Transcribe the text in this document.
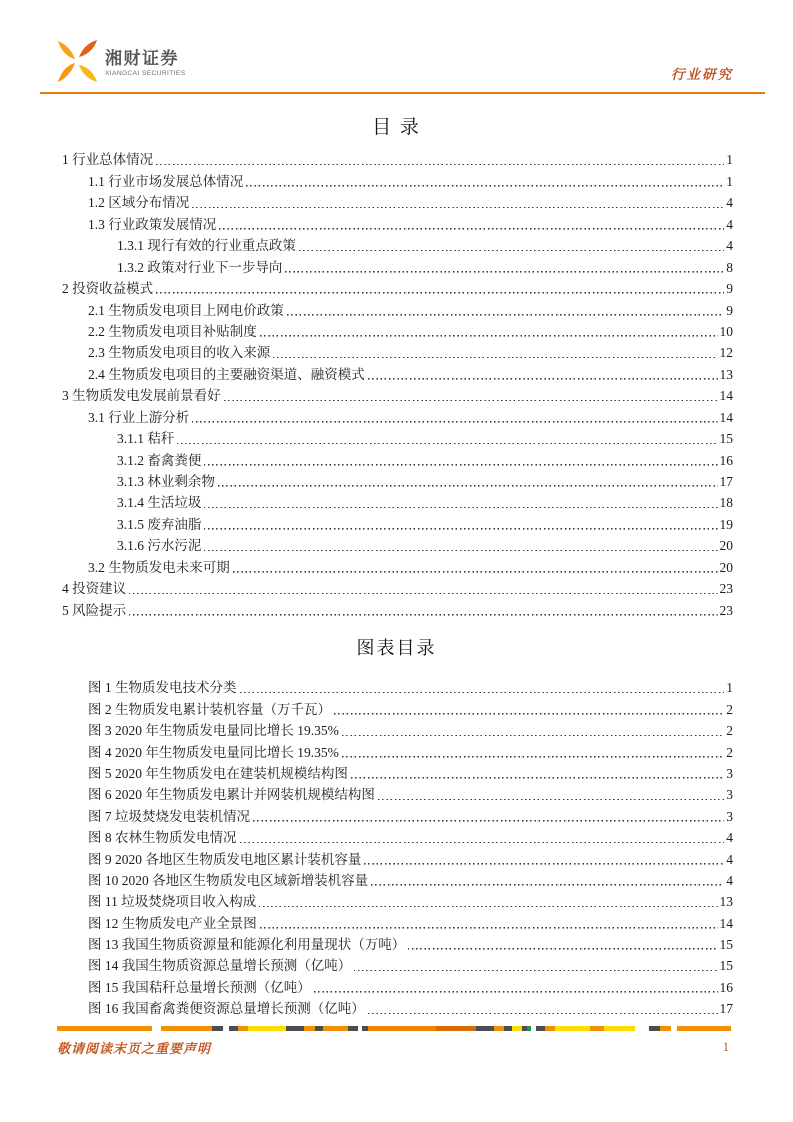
湘财证券
XIANGCAI SECURITIES	行业研究
目 录
1 行业总体情况	1
1.1 行业市场发展总体情况	1
1.2 区域分布情况	4
1.3 行业政策发展情况	4
1.3.1 现行有效的行业重点政策	4
1.3.2 政策对行业下一步导向	8
2 投资收益模式	9
2.1 生物质发电项目上网电价政策	9
2.2 生物质发电项目补贴制度	10
2.3 生物质发电项目的收入来源	12
2.4 生物质发电项目的主要融资渠道、融资模式	13
3 生物质发电发展前景看好	14
3.1 行业上游分析	14
3.1.1 秸秆	15
3.1.2 畜禽粪便	16
3.1.3 林业剩余物	17
3.1.4 生活垃圾	18
3.1.5 废弃油脂	19
3.1.6 污水污泥	20
3.2 生物质发电未来可期	20
4 投资建议	23
5 风险提示	23
图表目录
图 1 生物质发电技术分类	1
图 2 生物质发电累计装机容量（万千瓦）	2
图 3 2020 年生物质发电量同比增长 19.35%	2
图 4 2020 年生物质发电量同比增长 19.35%	2
图 5 2020 年生物质发电在建装机规模结构图	3
图 6 2020 年生物质发电累计并网装机规模结构图	3
图 7 垃圾焚烧发电装机情况	3
图 8 农林生物质发电情况	4
图 9 2020 各地区生物质发电地区累计装机容量	4
图 10 2020 各地区生物质发电区域新增装机容量	4
图 11 垃圾焚烧项目收入构成	13
图 12 生物质发电产业全景图	14
图 13 我国生物质资源量和能源化利用量现状（万吨）	15
图 14 我国生物质资源总量增长预测（亿吨）	15
图 15 我国秸秆总量增长预测（亿吨）	16
图 16 我国畜禽粪便资源总量增长预测（亿吨）	17
敬请阅读末页之重要声明	1
